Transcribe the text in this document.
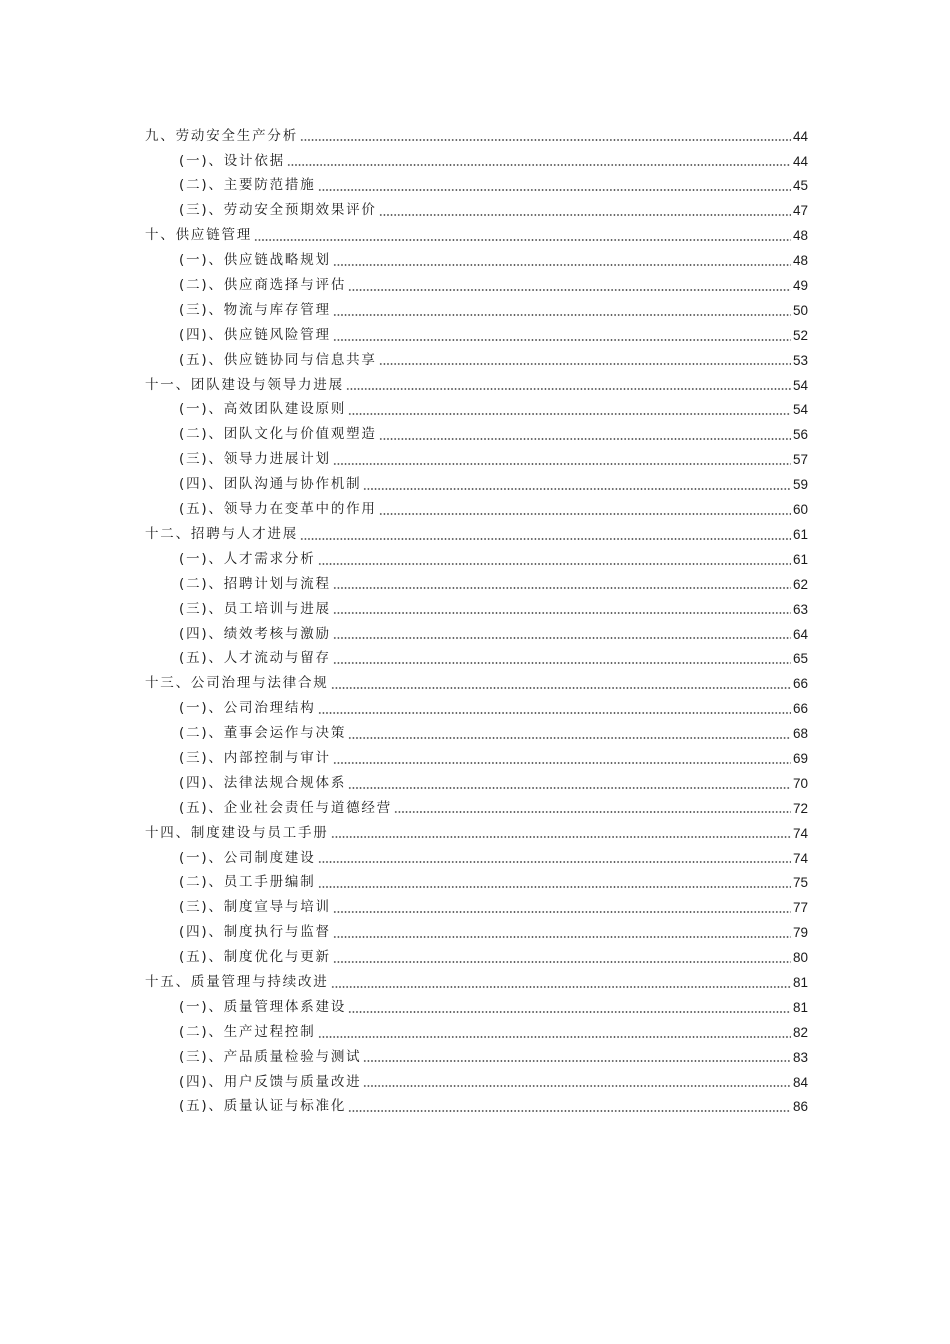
九、劳动安全生产分析	44
(一)、设计依据	44
(二)、主要防范措施	45
(三)、劳动安全预期效果评价	47
十、供应链管理	48
(一)、供应链战略规划	48
(二)、供应商选择与评估	49
(三)、物流与库存管理	50
(四)、供应链风险管理	52
(五)、供应链协同与信息共享	53
十一、团队建设与领导力进展	54
(一)、高效团队建设原则	54
(二)、团队文化与价值观塑造	56
(三)、领导力进展计划	57
(四)、团队沟通与协作机制	59
(五)、领导力在变革中的作用	60
十二、招聘与人才进展	61
(一)、人才需求分析	61
(二)、招聘计划与流程	62
(三)、员工培训与进展	63
(四)、绩效考核与激励	64
(五)、人才流动与留存	65
十三、公司治理与法律合规	66
(一)、公司治理结构	66
(二)、董事会运作与决策	68
(三)、内部控制与审计	69
(四)、法律法规合规体系	70
(五)、企业社会责任与道德经营	72
十四、制度建设与员工手册	74
(一)、公司制度建设	74
(二)、员工手册编制	75
(三)、制度宣导与培训	77
(四)、制度执行与监督	79
(五)、制度优化与更新	80
十五、质量管理与持续改进	81
(一)、质量管理体系建设	81
(二)、生产过程控制	82
(三)、产品质量检验与测试	83
(四)、用户反馈与质量改进	84
(五)、质量认证与标准化	86
